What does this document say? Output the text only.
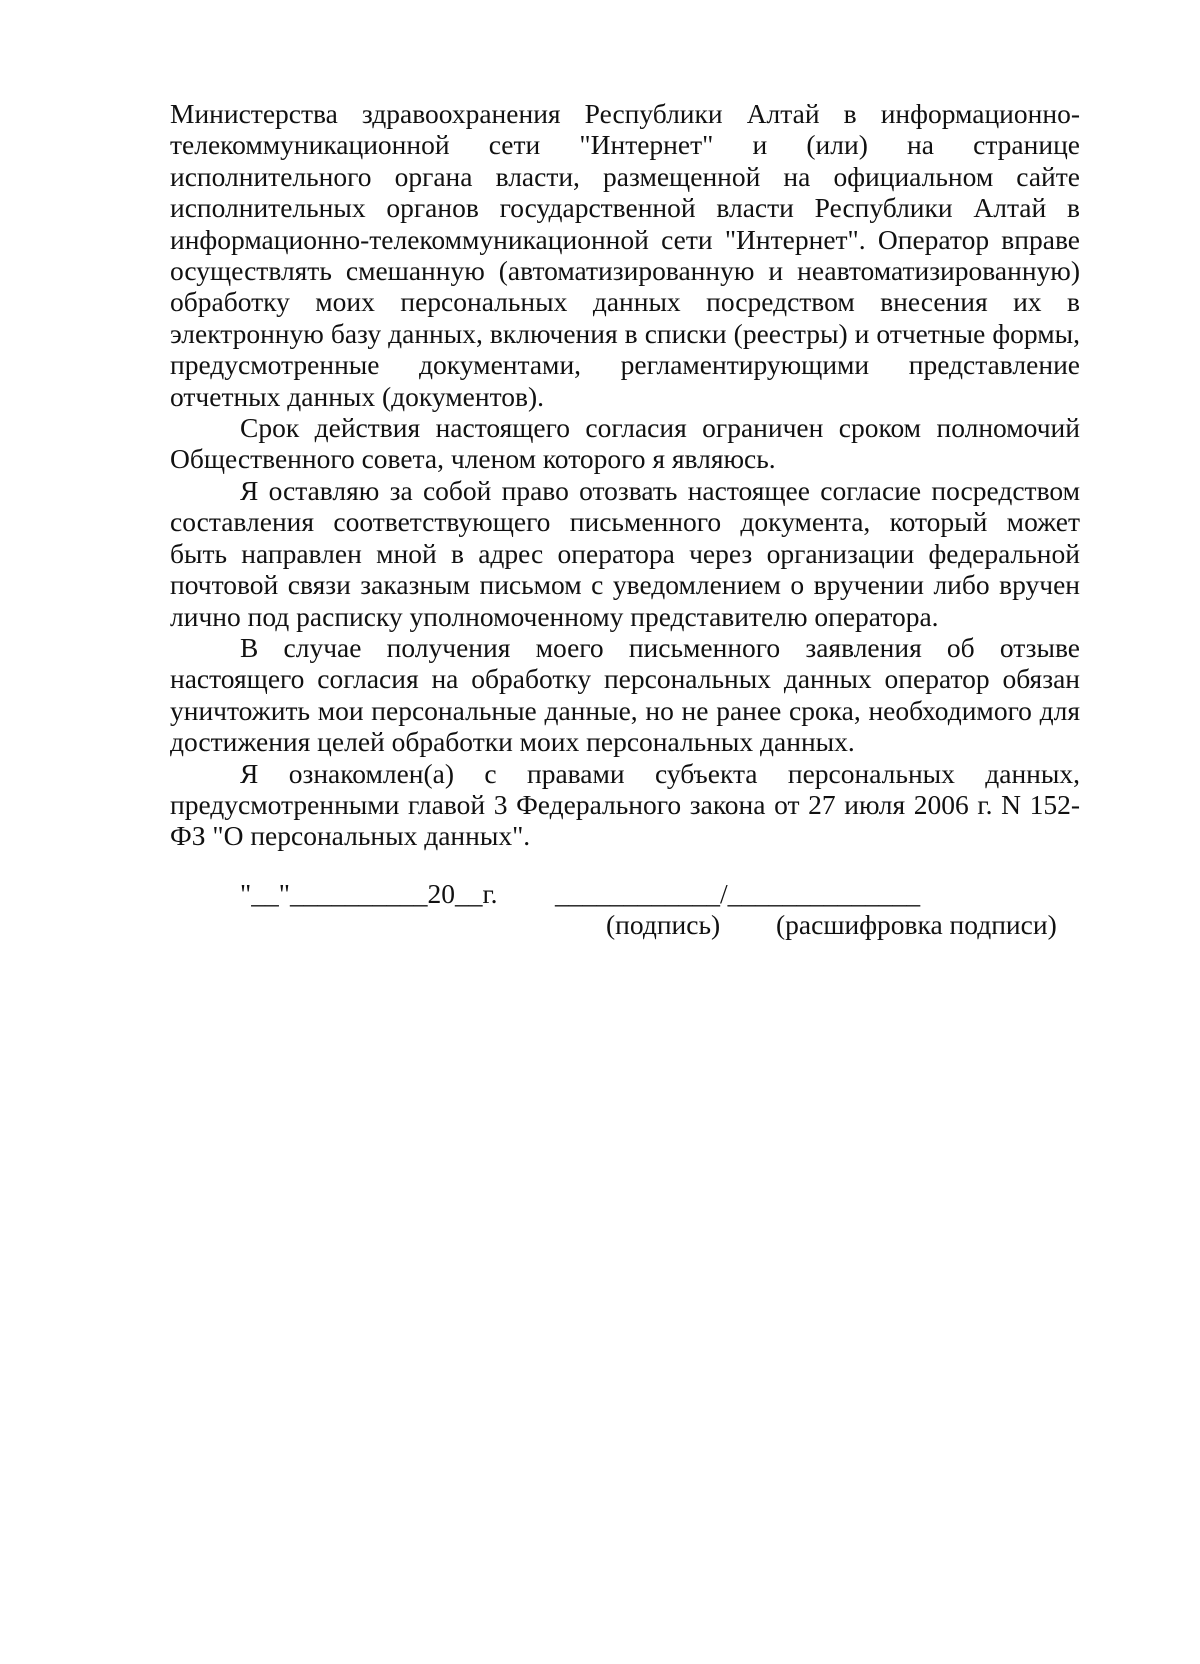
Министерства здравоохранения Республики Алтай в информационно-телекоммуникационной сети "Интернет" и (или) на странице исполнительного органа власти, размещенной на официальном сайте исполнительных органов государственной власти Республики Алтай в информационно-телекоммуникационной сети "Интернет". Оператор вправе осуществлять смешанную (автоматизированную и неавтоматизированную) обработку моих персональных данных посредством внесения их в электронную базу данных, включения в списки (реестры) и отчетные формы, предусмотренные документами, регламентирующими представление отчетных данных (документов).

Срок действия настоящего согласия ограничен сроком полномочий Общественного совета, членом которого я являюсь.

Я оставляю за собой право отозвать настоящее согласие посредством составления соответствующего письменного документа, который может быть направлен мной в адрес оператора через организации федеральной почтовой связи заказным письмом с уведомлением о вручении либо вручен лично под расписку уполномоченному представителю оператора.

В случае получения моего письменного заявления об отзыве настоящего согласия на обработку персональных данных оператор обязан уничтожить мои персональные данные, но не ранее срока, необходимого для достижения целей обработки моих персональных данных.

Я ознакомлен(а) с правами субъекта персональных данных, предусмотренными главой 3 Федерального закона от 27 июля 2006 г. N 152-ФЗ "О персональных данных".

"__"__________20__г. ____________/______________
(подпись) (расшифровка подписи)
